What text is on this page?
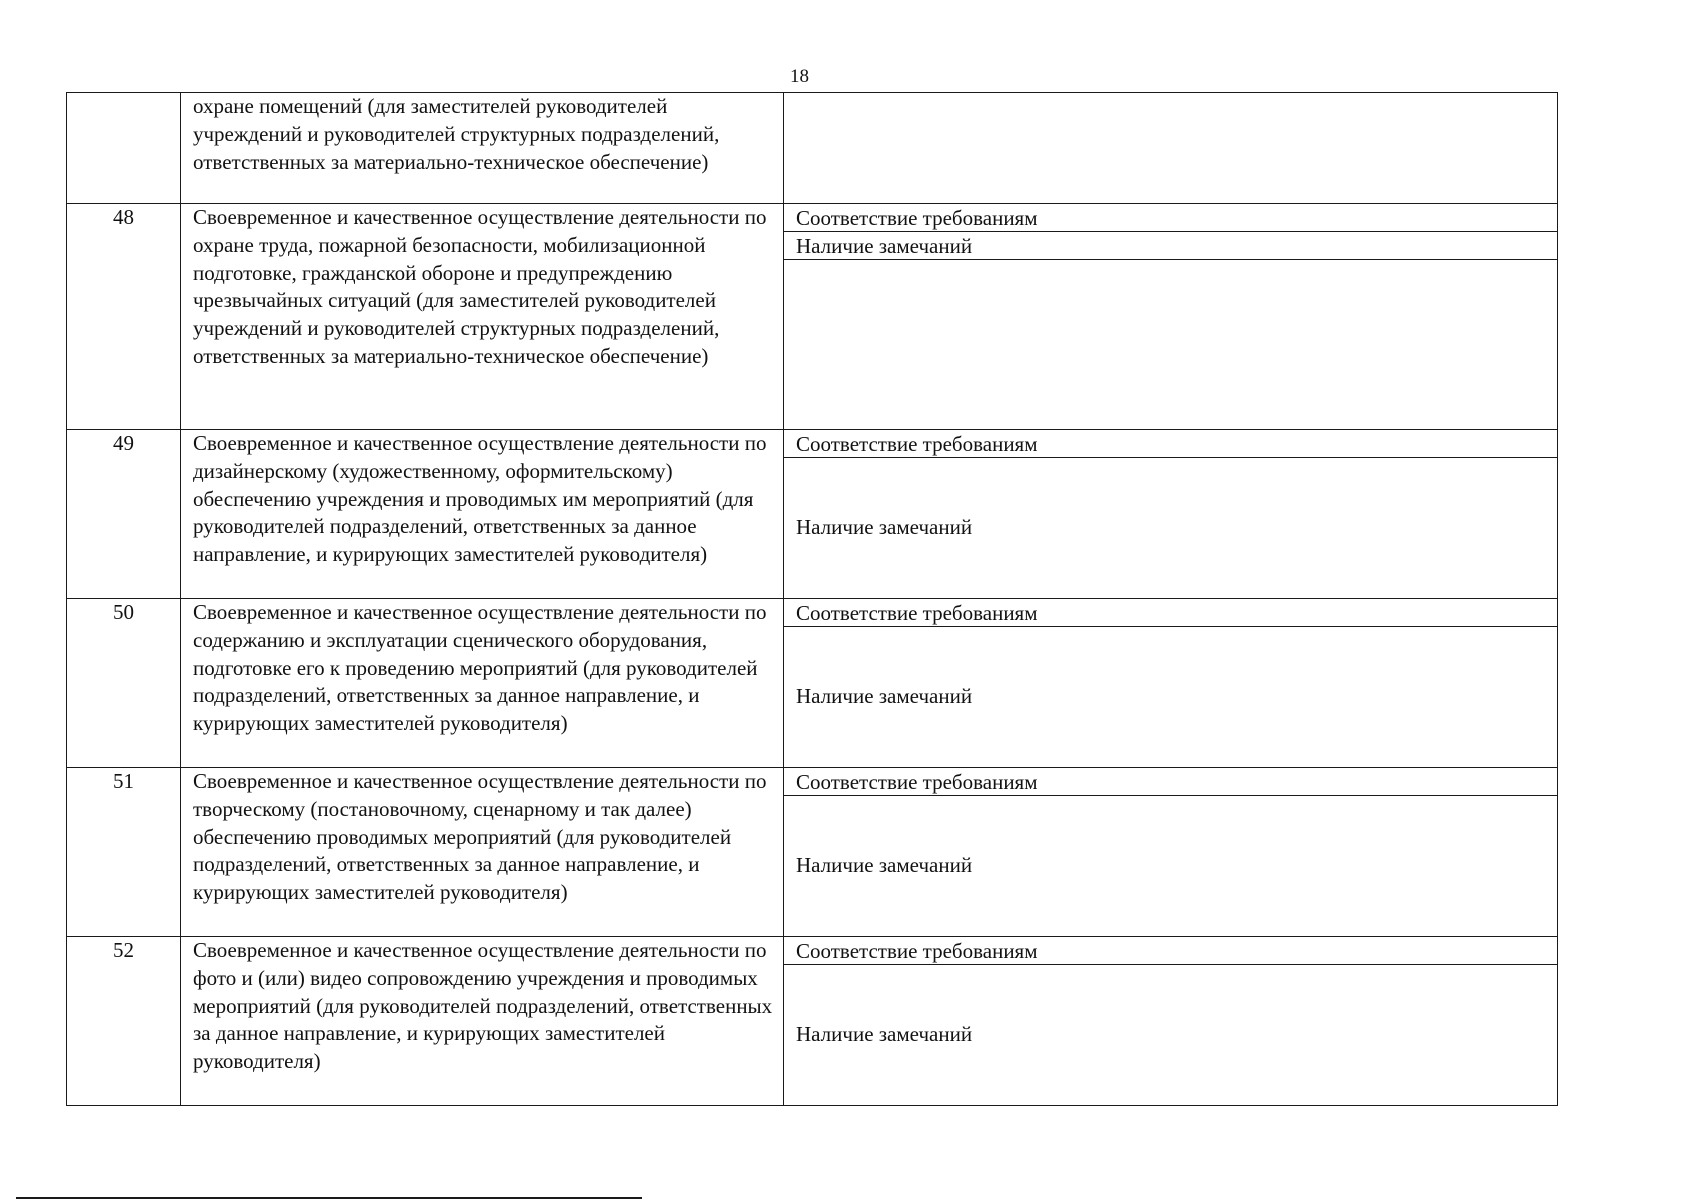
18

	охране помещений (для заместителей руководителей учреждений и руководителей структурных подразделений, ответственных за материально-техническое обеспечение)	

48	Своевременное и качественное осуществление деятельности по охране труда, пожарной безопасности, мобилизационной подготовке, гражданской обороне и предупреждению чрезвычайных ситуаций (для заместителей руководителей учреждений и руководителей структурных подразделений, ответственных за материально-техническое обеспечение)	Соответствие требованиям
Наличие замечаний

49	Своевременное и качественное осуществление деятельности по дизайнерскому (художественному, оформительскому) обеспечению учреждения и проводимых им мероприятий (для руководителей подразделений, ответственных за данное направление, и курирующих заместителей руководителя)	Соответствие требованиям
Наличие замечаний

50	Своевременное и качественное осуществление деятельности по содержанию и эксплуатации сценического оборудования, подготовке его к проведению мероприятий (для руководителей подразделений, ответственных за данное направление, и курирующих заместителей руководителя)	Соответствие требованиям
Наличие замечаний

51	Своевременное и качественное осуществление деятельности по творческому (постановочному, сценарному и так далее) обеспечению проводимых мероприятий (для руководителей подразделений, ответственных за данное направление, и курирующих заместителей руководителя)	Соответствие требованиям
Наличие замечаний

52	Своевременное и качественное осуществление деятельности по фото и (или) видео сопровождению учреждения и проводимых мероприятий (для руководителей подразделений, ответственных за данное направление, и курирующих заместителей руководителя)	Соответствие требованиям
Наличие замечаний
